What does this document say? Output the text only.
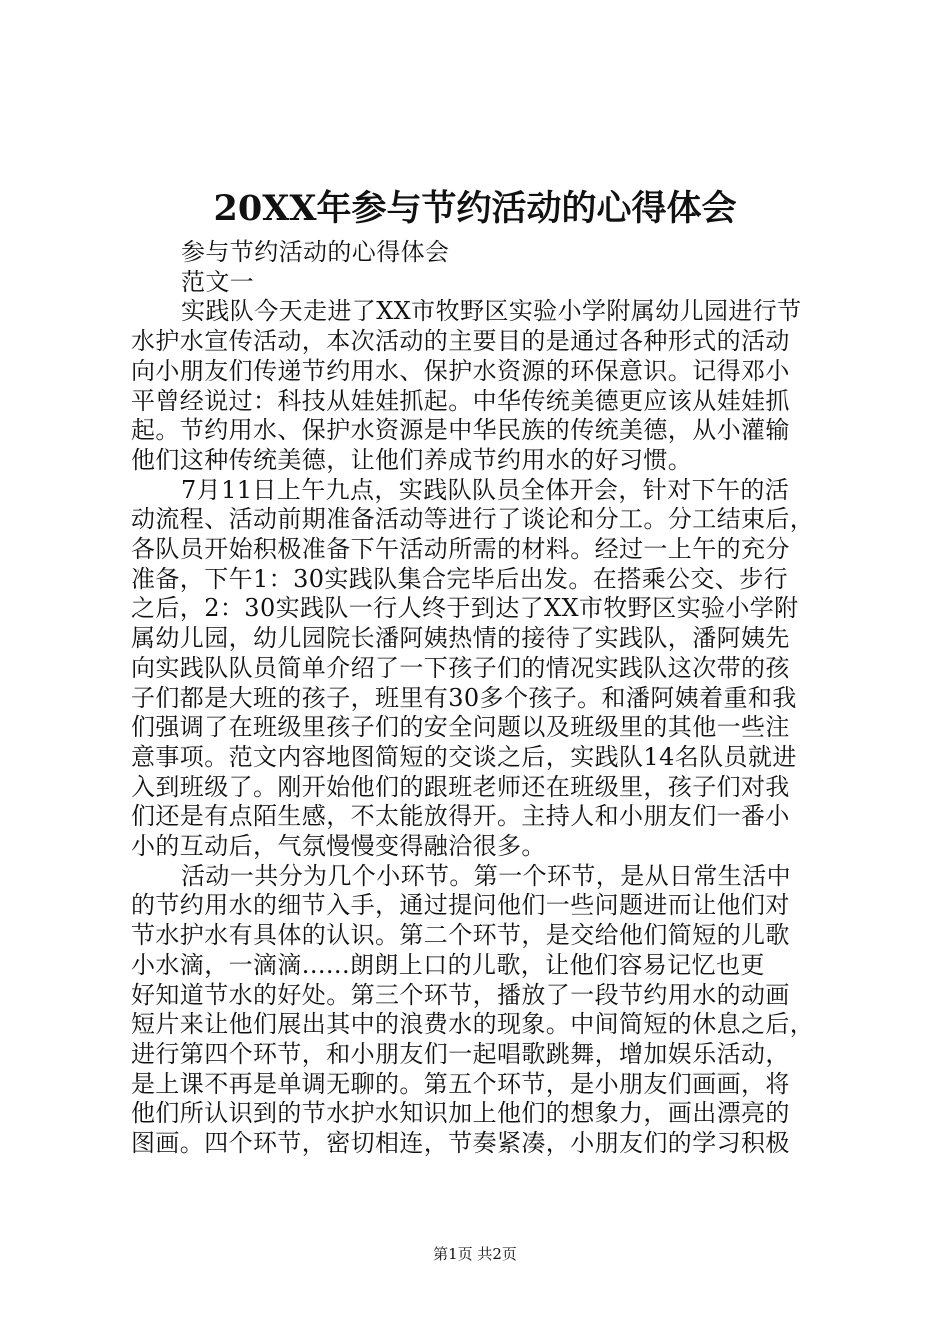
20XX年参与节约活动的心得体会
参与节约活动的心得体会
范文一
实践队今天走进了XX市牧野区实验小学附属幼儿园进行节
水护水宣传活动，本次活动的主要目的是通过各种形式的活动
向小朋友们传递节约用水、保护水资源的环保意识。记得邓小
平曾经说过：科技从娃娃抓起。中华传统美德更应该从娃娃抓
起。节约用水、保护水资源是中华民族的传统美德，从小灌输
他们这种传统美德，让他们养成节约用水的好习惯。
7月11日上午九点，实践队队员全体开会，针对下午的活
动流程、活动前期准备活动等进行了谈论和分工。分工结束后，
各队员开始积极准备下午活动所需的材料。经过一上午的充分
准备，下午1：30实践队集合完毕后出发。在搭乘公交、步行
之后，2：30实践队一行人终于到达了XX市牧野区实验小学附
属幼儿园，幼儿园院长潘阿姨热情的接待了实践队，潘阿姨先
向实践队队员简单介绍了一下孩子们的情况实践队这次带的孩
子们都是大班的孩子，班里有30多个孩子。和潘阿姨着重和我
们强调了在班级里孩子们的安全问题以及班级里的其他一些注
意事项。范文内容地图简短的交谈之后，实践队14名队员就进
入到班级了。刚开始他们的跟班老师还在班级里，孩子们对我
们还是有点陌生感，不太能放得开。主持人和小朋友们一番小
小的互动后，气氛慢慢变得融洽很多。
活动一共分为几个小环节。第一个环节，是从日常生活中
的节约用水的细节入手，通过提问他们一些问题进而让他们对
节水护水有具体的认识。第二个环节，是交给他们简短的儿歌
小水滴，一滴滴......朗朗上口的儿歌，让他们容易记忆也更
好知道节水的好处。第三个环节，播放了一段节约用水的动画
短片来让他们展出其中的浪费水的现象。中间简短的休息之后，
进行第四个环节，和小朋友们一起唱歌跳舞，增加娱乐活动，
是上课不再是单调无聊的。第五个环节，是小朋友们画画，将
他们所认识到的节水护水知识加上他们的想象力，画出漂亮的
图画。四个环节，密切相连，节奏紧凑，小朋友们的学习积极
第1页 共2页
